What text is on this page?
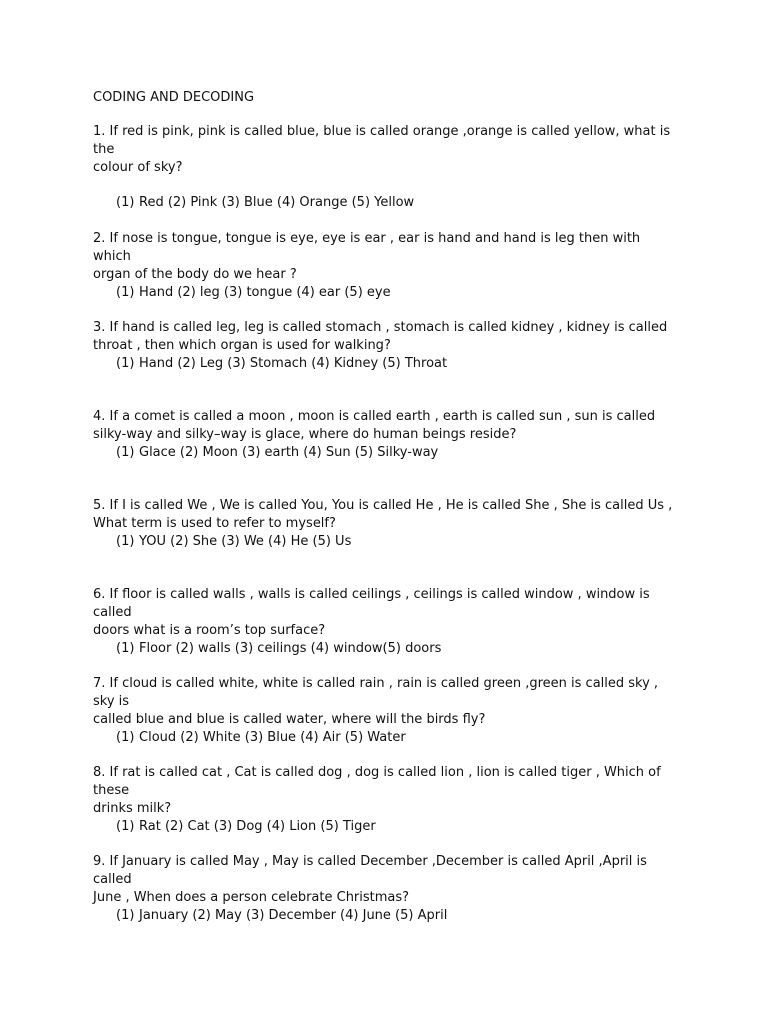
CODING AND DECODING

1. If red is pink, pink is called blue, blue is called orange ,orange is called yellow, what is the
colour of sky?

(1) Red (2) Pink (3) Blue (4) Orange (5) Yellow

2. If nose is tongue, tongue is eye, eye is ear , ear is hand and hand is leg then with which
organ of the body do we hear ?

(1) Hand (2) leg (3) tongue (4) ear (5) eye

3. If hand is called leg, leg is called stomach , stomach is called kidney , kidney is called
throat , then which organ is used for walking?

(1) Hand (2) Leg (3) Stomach (4) Kidney (5) Throat

4. If a comet is called a moon , moon is called earth , earth is called sun , sun is called
silky-way and silky–way is glace, where do human beings reside?

(1) Glace (2) Moon (3) earth (4) Sun (5) Silky-way

5. If I is called We , We is called You, You is called He , He is called She , She is called Us ,
What term is used to refer to myself?

(1) YOU (2) She (3) We (4) He (5) Us

6. If floor is called walls , walls is called ceilings , ceilings is called window , window is called
doors what is a room’s top surface?

(1) Floor (2) walls (3) ceilings (4) window(5) doors

7. If cloud is called white, white is called rain , rain is called green ,green is called sky , sky is
called blue and blue is called water, where will the birds fly?

(1) Cloud (2) White (3) Blue (4) Air (5) Water

8. If rat is called cat , Cat is called dog , dog is called lion , lion is called tiger , Which of these
drinks milk?

(1) Rat (2) Cat (3) Dog (4) Lion (5) Tiger

9. If January is called May , May is called December ,December is called April ,April is called
June , When does a person celebrate Christmas?

(1) January (2) May (3) December (4) June (5) April
